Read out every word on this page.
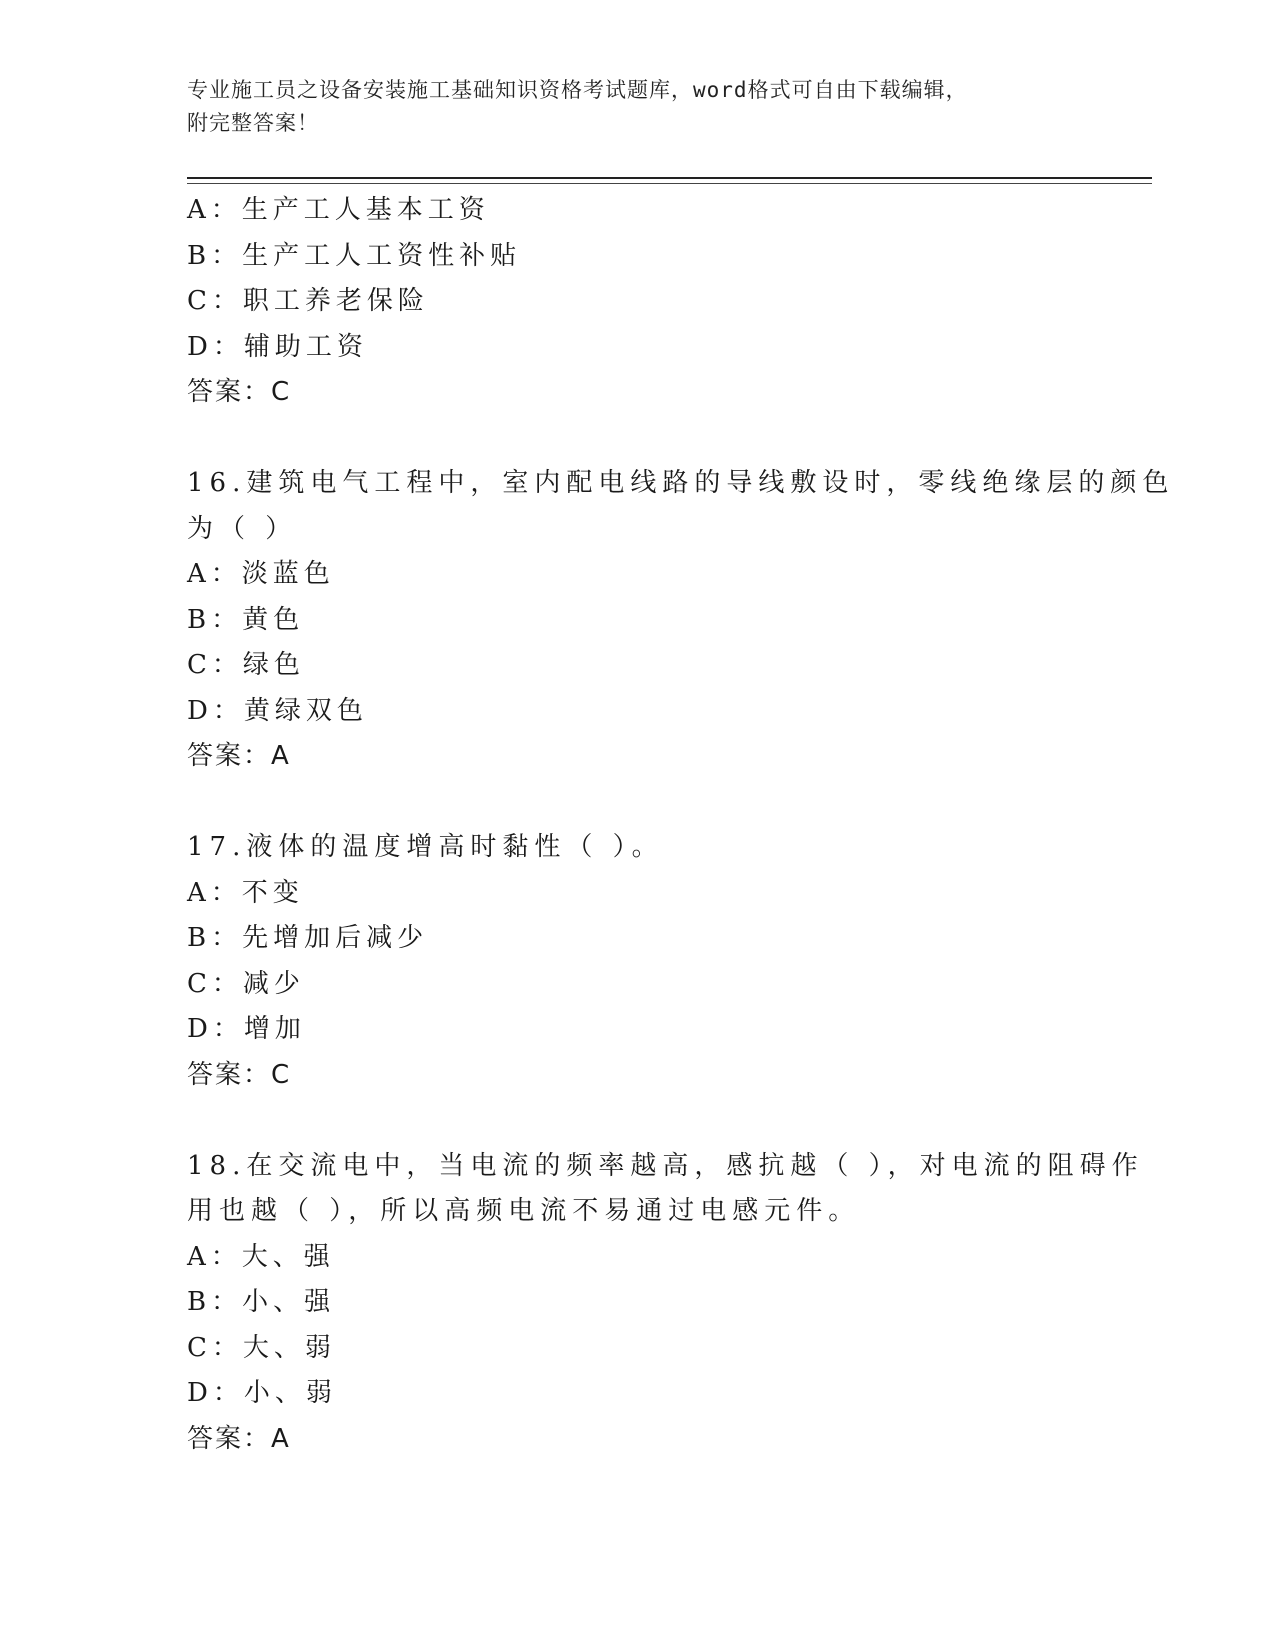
专业施工员之设备安装施工基础知识资格考试题库，word格式可自由下载编辑，
附完整答案！
A：生产工人基本工资
B：生产工人工资性补贴
C：职工养老保险
D：辅助工资
答案：C
16.建筑电气工程中，室内配电线路的导线敷设时，零线绝缘层的颜色
为（ ）
A：淡蓝色
B：黄色
C：绿色
D：黄绿双色
答案：A
17.液体的温度增高时黏性（ ）。
A：不变
B：先增加后减少
C：减少
D：增加
答案：C
18.在交流电中，当电流的频率越高，感抗越（ ），对电流的阻碍作
用也越（ ），所以高频电流不易通过电感元件。
A：大、强
B：小、强
C：大、弱
D：小、弱
答案：A
